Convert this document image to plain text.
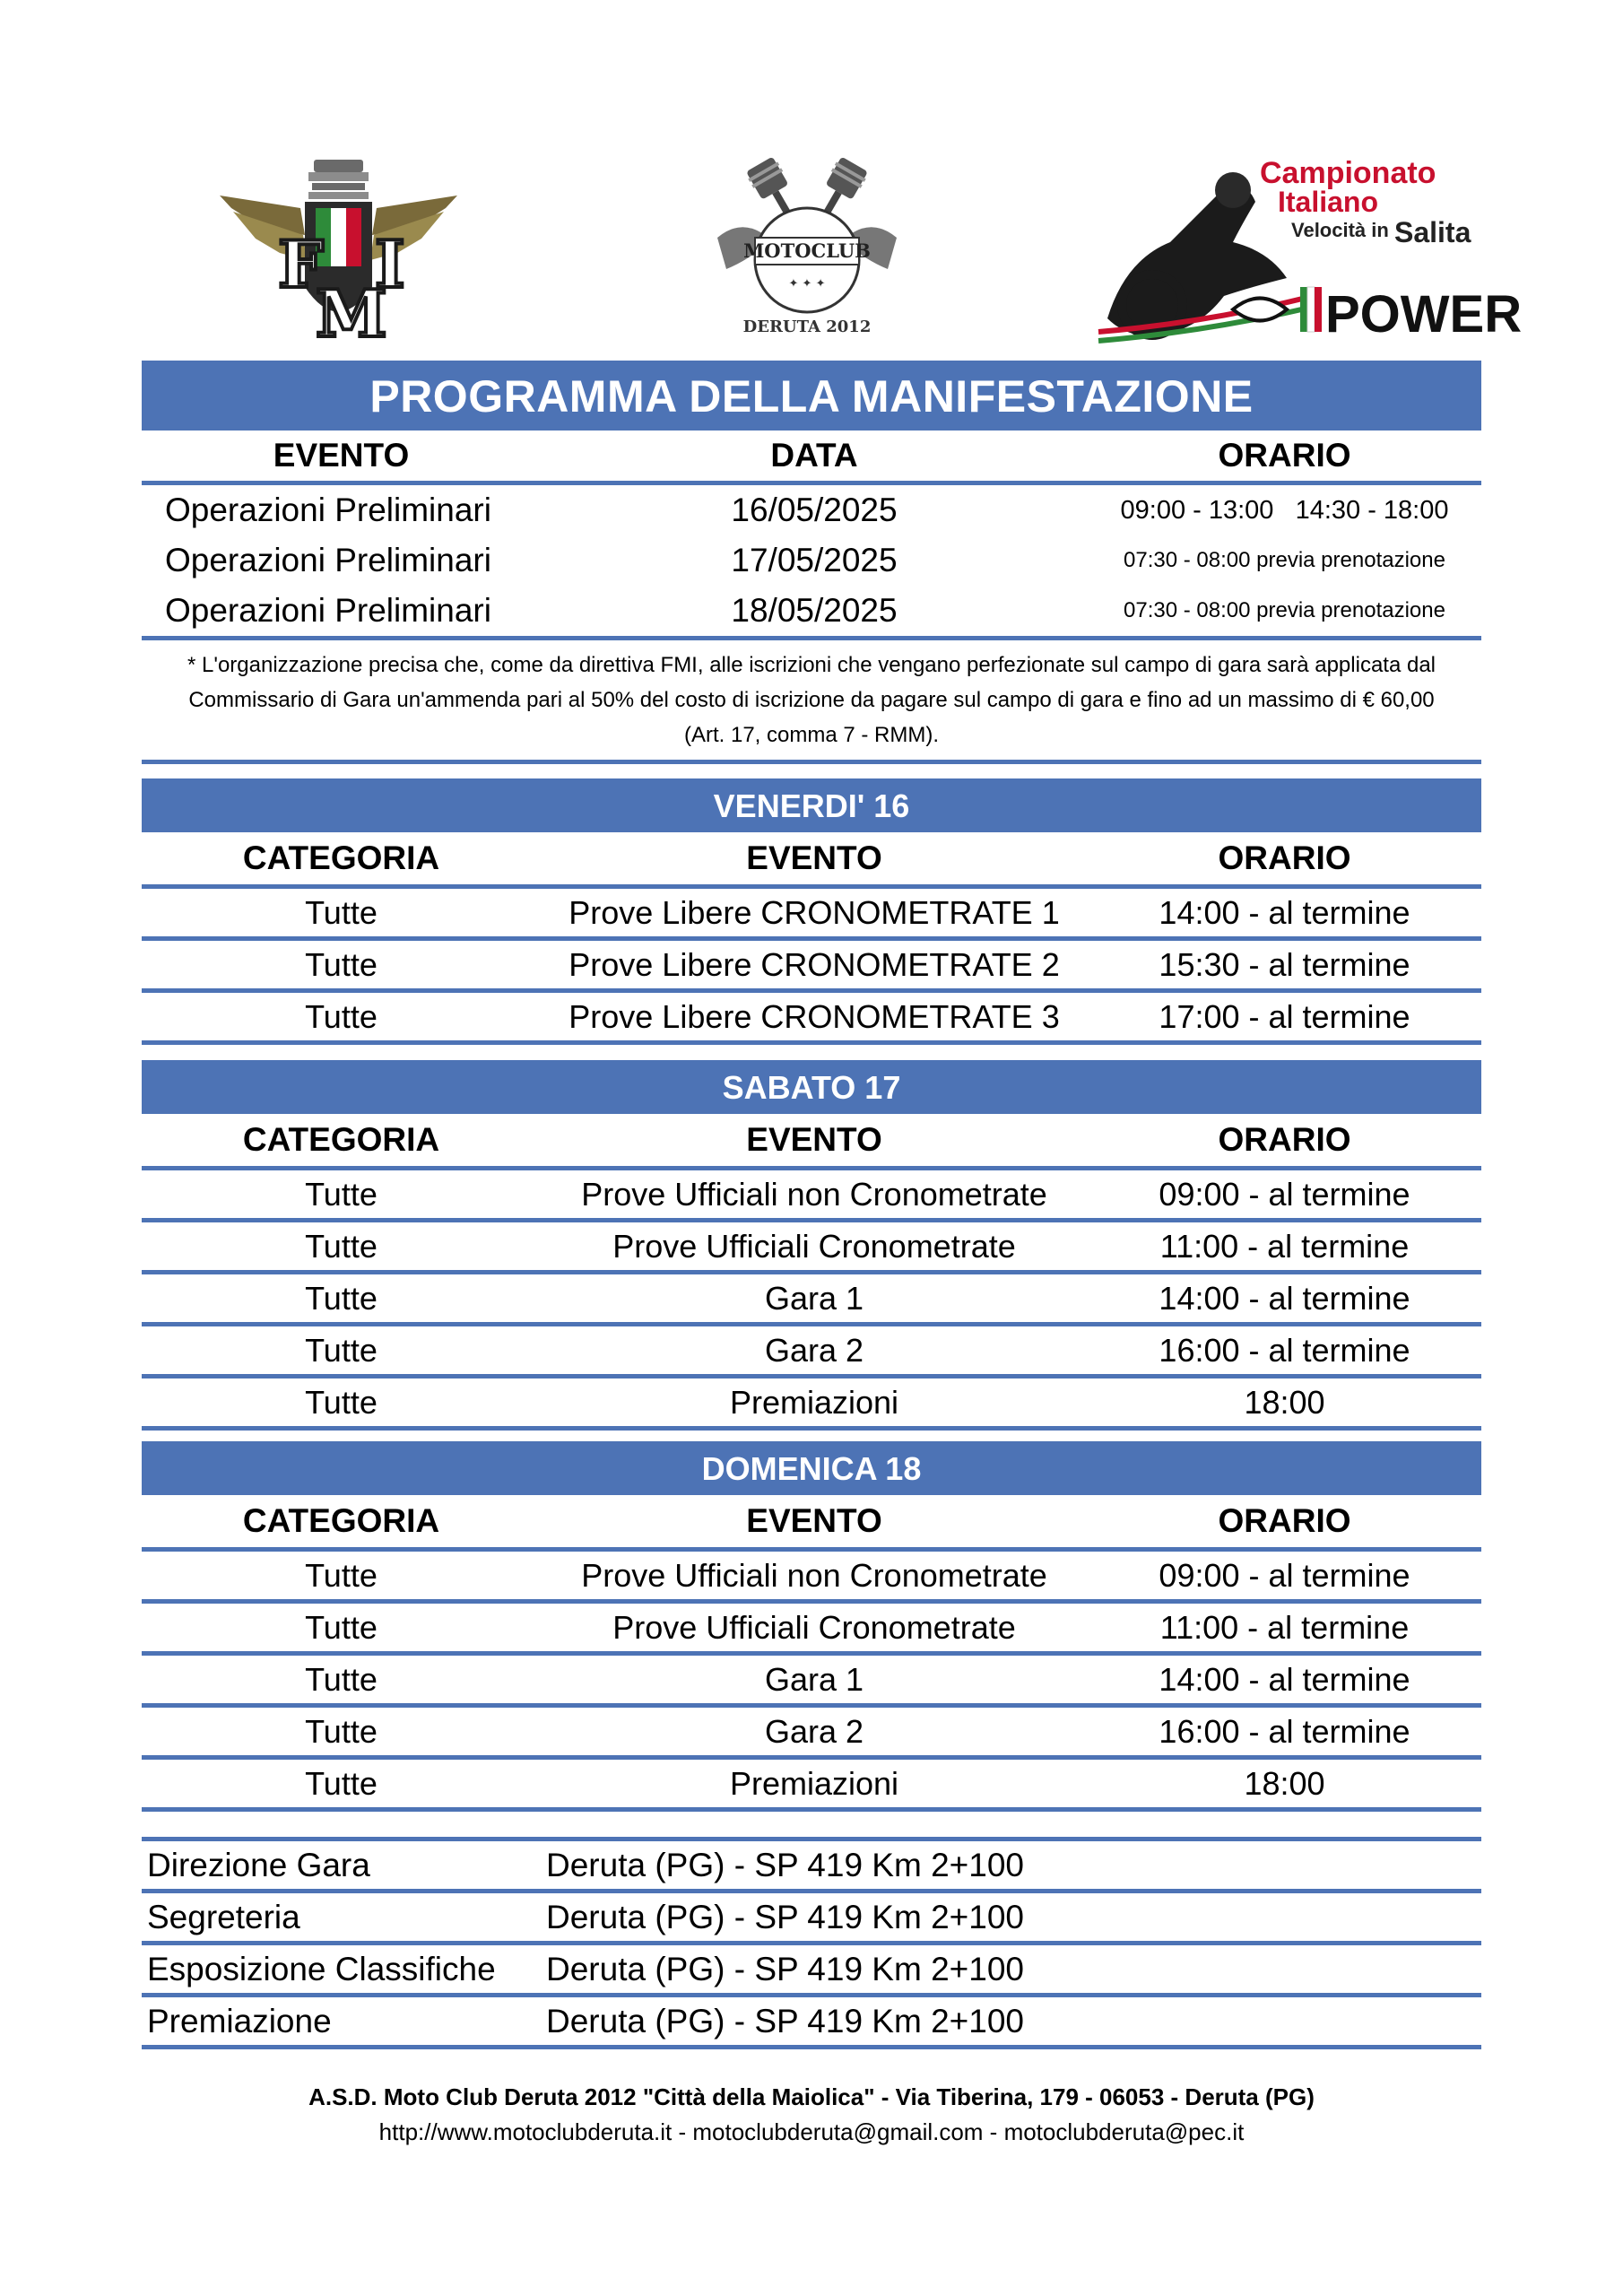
F
M
I	MOTOCLUB
✦ ✦ ✦
DERUTA 2012
Campionato
Italiano
Velocità in Salita
POWER
PROGRAMMA DELLA MANIFESTAZIONE
EVENTO	DATA	ORARIO
Operazioni Preliminari	16/05/2025	09:00 - 13:00   14:30 - 18:00
Operazioni Preliminari	17/05/2025	07:30 - 08:00 previa prenotazione
Operazioni Preliminari	18/05/2025	07:30 - 08:00 previa prenotazione
* L'organizzazione precisa che, come da direttiva FMI, alle iscrizioni che vengano perfezionate sul campo di gara sarà applicata dal
Commissario di Gara un'ammenda pari al 50% del costo di iscrizione da pagare sul campo di gara e fino ad un massimo di € 60,00
(Art. 17, comma 7 - RMM).
VENERDI' 16
CATEGORIA	EVENTO	ORARIO
Tutte	Prove Libere CRONOMETRATE 1	14:00 - al termine
Tutte	Prove Libere CRONOMETRATE 2	15:30 - al termine
Tutte	Prove Libere CRONOMETRATE 3	17:00 - al termine
SABATO 17
CATEGORIA	EVENTO	ORARIO
Tutte	Prove Ufficiali non Cronometrate	09:00 - al termine
Tutte	Prove Ufficiali Cronometrate	11:00 - al termine
Tutte	Gara 1	14:00 - al termine
Tutte	Gara 2	16:00 - al termine
Tutte	Premiazioni	18:00
DOMENICA 18
CATEGORIA	EVENTO	ORARIO
Tutte	Prove Ufficiali non Cronometrate	09:00 - al termine
Tutte	Prove Ufficiali Cronometrate	11:00 - al termine
Tutte	Gara 1	14:00 - al termine
Tutte	Gara 2	16:00 - al termine
Tutte	Premiazioni	18:00
Direzione Gara	Deruta (PG) - SP 419 Km 2+100
Segreteria	Deruta (PG) - SP 419 Km 2+100
Esposizione Classifiche	Deruta (PG) - SP 419 Km 2+100
Premiazione	Deruta (PG) - SP 419 Km 2+100
A.S.D. Moto Club Deruta 2012 "Città della Maiolica" - Via Tiberina, 179 - 06053 - Deruta (PG)
http://www.motoclubderuta.it - motoclubderuta@gmail.com - motoclubderuta@pec.it
